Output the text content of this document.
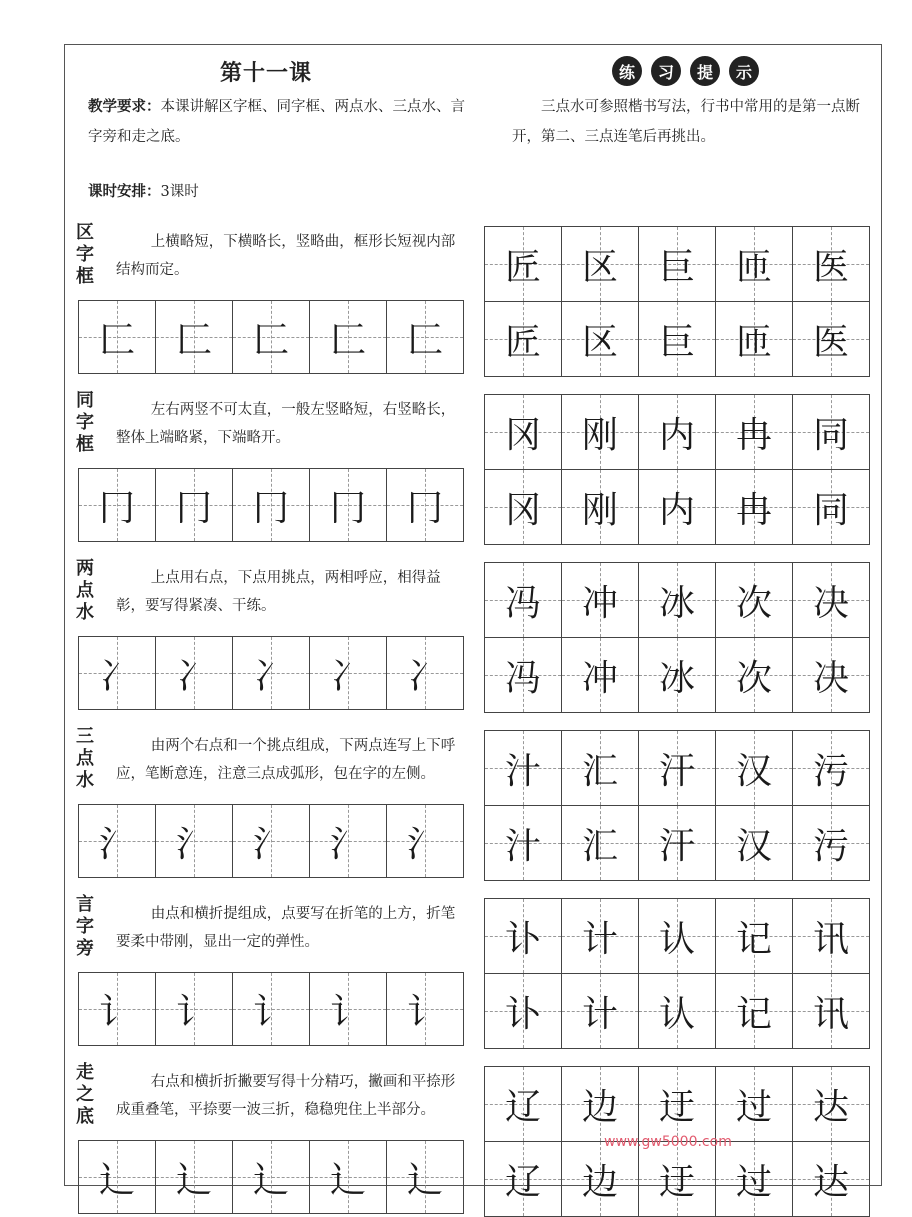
第十一课
教学要求：本课讲解区字框、同字框、两点水、三点水、言字旁和走之底。
课时安排：3课时
练	习	提	示
三点水可参照楷书写法，行书中常用的是第一点断开，第二、三点连笔后再挑出。
区字框
上横略短，下横略长，竖略曲，框形长短视内部结构而定。
匚 匚 匚 匚 匚
匠 区 巨 匝 医
匠 区 巨 匝 医
同字框
左右两竖不可太直，一般左竖略短，右竖略长，整体上端略紧，下端略开。
冂 冂 冂 冂 冂
冈 刚 内 冉 同
冈 刚 内 冉 同
两点水
上点用右点，下点用挑点，两相呼应，相得益彰，要写得紧凑、干练。
冫 冫 冫 冫 冫
冯 冲 冰 次 决
冯 冲 冰 次 决
三点水
由两个右点和一个挑点组成，下两点连写上下呼应，笔断意连，注意三点成弧形，包在字的左侧。
氵 氵 氵 氵 氵
汁 汇 汗 汉 污
汁 汇 汗 汉 污
言字旁
由点和横折提组成，点要写在折笔的上方，折笔要柔中带刚，显出一定的弹性。
讠 讠 讠 讠 讠
讣 计 认 记 讯
讣 计 认 记 讯
走之底
右点和横折折撇要写得十分精巧，撇画和平捺形成重叠笔，平捺要一波三折，稳稳兜住上半部分。
辶 辶 辶 辶 辶
辽 边 迂 过 达
辽 边 迂 过 达
www.gw5000.com
